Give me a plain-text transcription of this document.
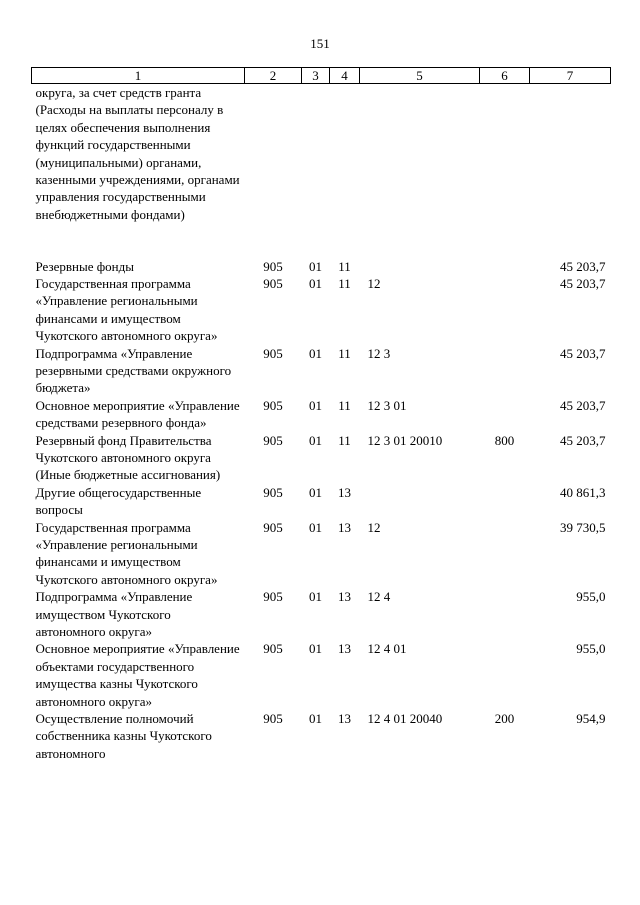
151
1	2	3	4	5	6	7
округа, за счет средств гранта (Расходы на выплаты персоналу в целях обеспечения выполнения функций государственными (муниципальными) органами, казенными учреждениями, органами управления государственными внебюджетными фондами)						
Резервные фонды	905	01	11			45 203,7
Государственная программа «Управление региональными финансами и имуществом Чукотского автономного округа»	905	01	11	12		45 203,7
Подпрограмма «Управление резервными средствами окружного бюджета»	905	01	11	12 3		45 203,7
Основное мероприятие «Управление средствами резервного фонда»	905	01	11	12 3 01		45 203,7
Резервный фонд Правительства Чукотского автономного округа (Иные бюджетные ассигнования)	905	01	11	12 3 01 20010	800	45 203,7
Другие общегосударственные вопросы	905	01	13			40 861,3
Государственная программа «Управление региональными финансами и имуществом Чукотского автономного округа»	905	01	13	12		39 730,5
Подпрограмма «Управление имуществом Чукотского автономного округа»	905	01	13	12 4		955,0
Основное мероприятие «Управление объектами государственного имущества казны Чукотского автономного округа»	905	01	13	12 4 01		955,0
Осуществление полномочий собственника казны Чукотского автономного	905	01	13	12 4 01 20040	200	954,9
